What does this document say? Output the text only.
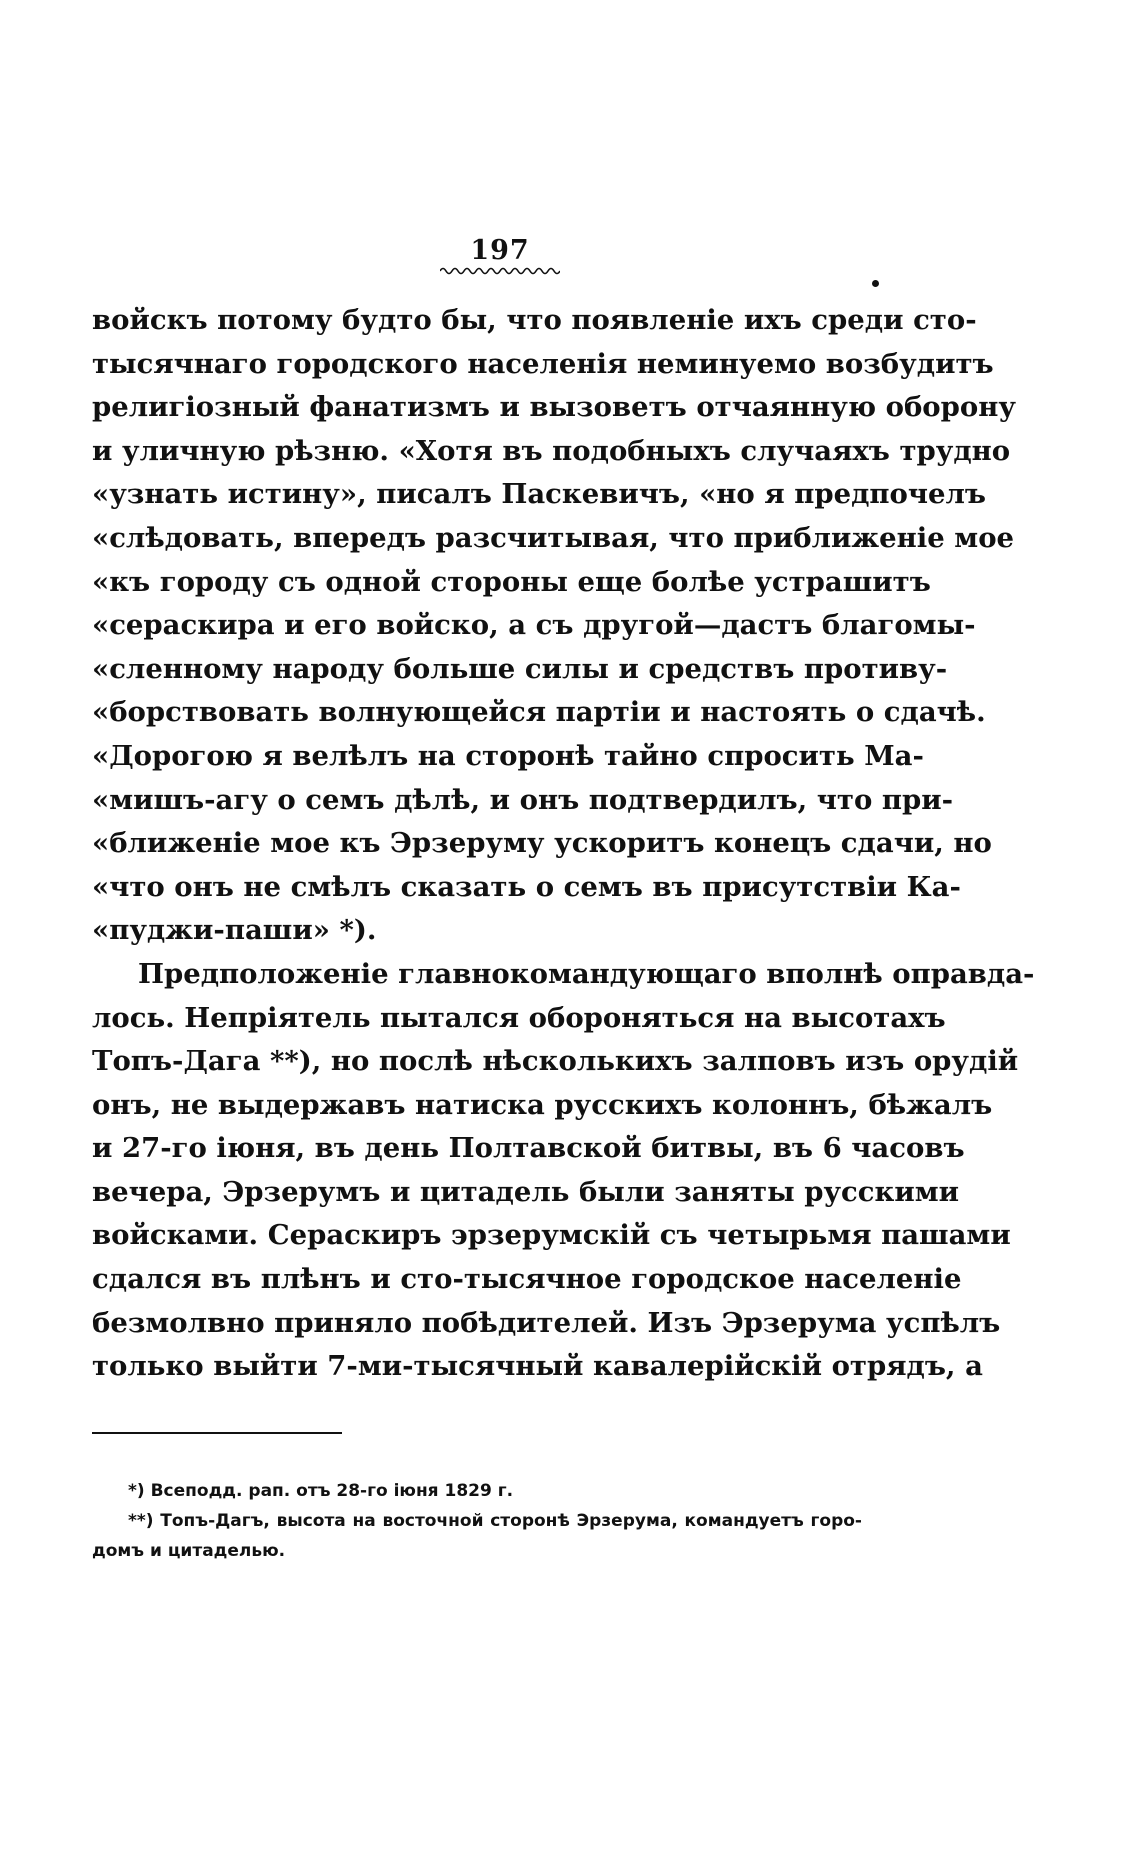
197
войскъ потому будто бы, что появленіе ихъ среди сто-
тысячнаго городского населенія неминуемо возбудитъ
религіозный фанатизмъ и вызоветъ отчаянную оборону
и уличную рѣзню. «Хотя въ подобныхъ случаяхъ трудно
«узнать истину», писалъ Паскевичъ, «но я предпочелъ
«слѣдовать, впередъ разсчитывая, что приближеніе мое
«къ городу съ одной стороны еще болѣе устрашитъ
«сераскира и его войско, а съ другой—дастъ благомы-
«сленному народу больше силы и средствъ противу-
«борствовать волнующейся партіи и настоять о сдачѣ.
«Дорогою я велѣлъ на сторонѣ тайно спросить Ма-
«мишъ-агу о семъ дѣлѣ, и онъ подтвердилъ, что при-
«ближеніе мое къ Эрзеруму ускоритъ конецъ сдачи, но
«что онъ не смѣлъ сказать о семъ въ присутствіи Ка-
«пуджи-паши» *).
Предположеніе главнокомандующаго вполнѣ оправда-
лось. Непріятель пытался обороняться на высотахъ
Топъ-Дага **), но послѣ нѣсколькихъ залповъ изъ орудій
онъ, не выдержавъ натиска русскихъ колоннъ, бѣжалъ
и 27-го іюня, въ день Полтавской битвы, въ 6 часовъ
вечера, Эрзерумъ и цитадель были заняты русскими
войсками. Сераскиръ эрзерумскій съ четырьмя пашами
сдался въ плѣнъ и сто-тысячное городское населеніе
безмолвно приняло побѣдителей. Изъ Эрзерума успѣлъ
только выйти 7-ми-тысячный кавалерійскій отрядъ, а
*) Всеподд. рап. отъ 28-го іюня 1829 г.
**) Топъ-Дагъ, высота на восточной сторонѣ Эрзерума, командуетъ горо-
домъ и цитаделью.
